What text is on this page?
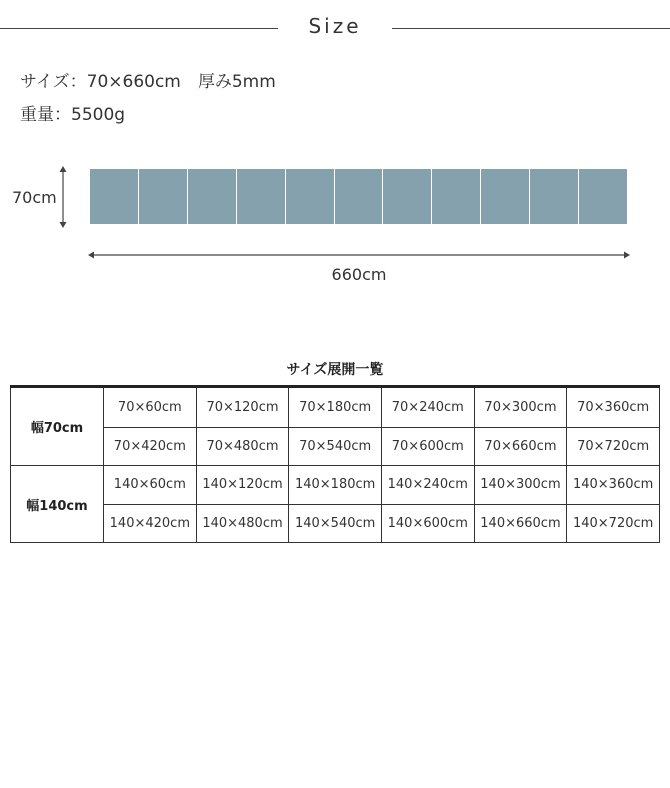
Size
サイズ：70×660cm　厚み5mm
重量：5500g
70cm
660cm
サイズ展開一覧
幅70cm	70×60cm	70×120cm	70×180cm	70×240cm	70×300cm	70×360cm
	70×420cm	70×480cm	70×540cm	70×600cm	70×660cm	70×720cm
幅140cm	140×60cm	140×120cm	140×180cm	140×240cm	140×300cm	140×360cm
	140×420cm	140×480cm	140×540cm	140×600cm	140×660cm	140×720cm
